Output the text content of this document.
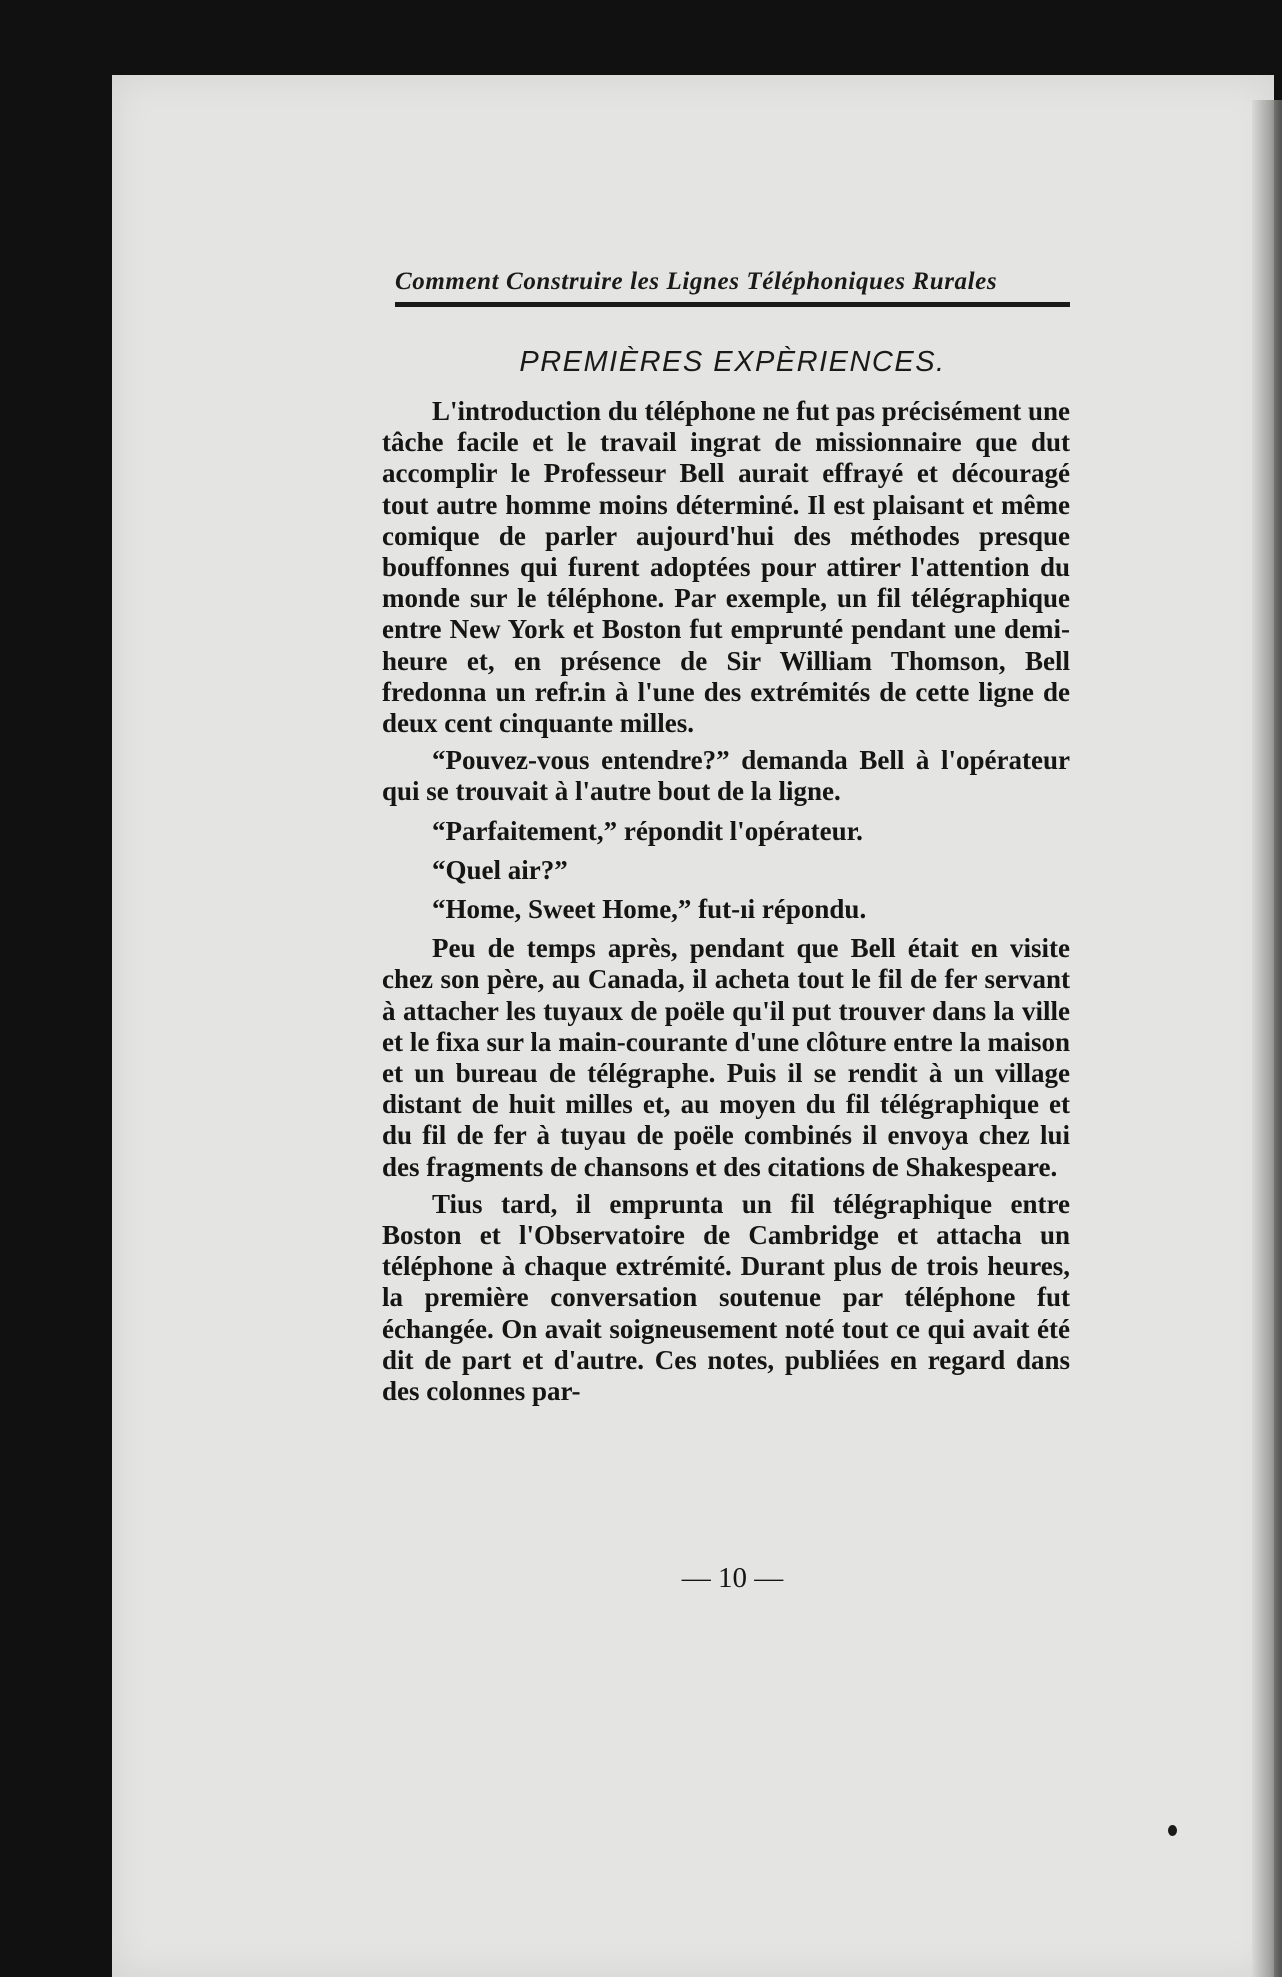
Comment Construire les Lignes Téléphoniques Rurales
PREMIÈRES EXPÈRIENCES.

L'introduction du téléphone ne fut pas précisément une tâche facile et le travail ingrat de missionnaire que dut accomplir le Professeur Bell aurait effrayé et découragé tout autre homme moins déterminé. Il est plaisant et même comique de parler aujourd'hui des méthodes presque bouffonnes qui furent adoptées pour attirer l'attention du monde sur le téléphone. Par exemple, un fil télégraphique entre New York et Boston fut emprunté pendant une demi-heure et, en présence de Sir William Thomson, Bell fredonna un refr.in à l'une des extrémités de cette ligne de deux cent cinquante milles.

“Pouvez-vous entendre?” demanda Bell à l'opérateur qui se trouvait à l'autre bout de la ligne.

“Parfaitement,” répondit l'opérateur.

“Quel air?”

“Home, Sweet Home,” fut-ıi répondu.

Peu de temps après, pendant que Bell était en visite chez son père, au Canada, il acheta tout le fil de fer servant à attacher les tuyaux de poële qu'il put trouver dans la ville et le fixa sur la main-courante d'une clôture entre la maison et un bureau de télégraphe. Puis il se rendit à un village distant de huit milles et, au moyen du fil télégraphique et du fil de fer à tuyau de poële combinés il envoya chez lui des fragments de chansons et des citations de Shakespeare.

Tius tard, il emprunta un fil télégraphique entre Boston et l'Observatoire de Cambridge et attacha un téléphone à chaque extrémité. Durant plus de trois heures, la première conversation soutenue par téléphone fut échangée. On avait soigneusement noté tout ce qui avait été dit de part et d'autre. Ces notes, publiées en regard dans des colonnes par-

— 10 —
